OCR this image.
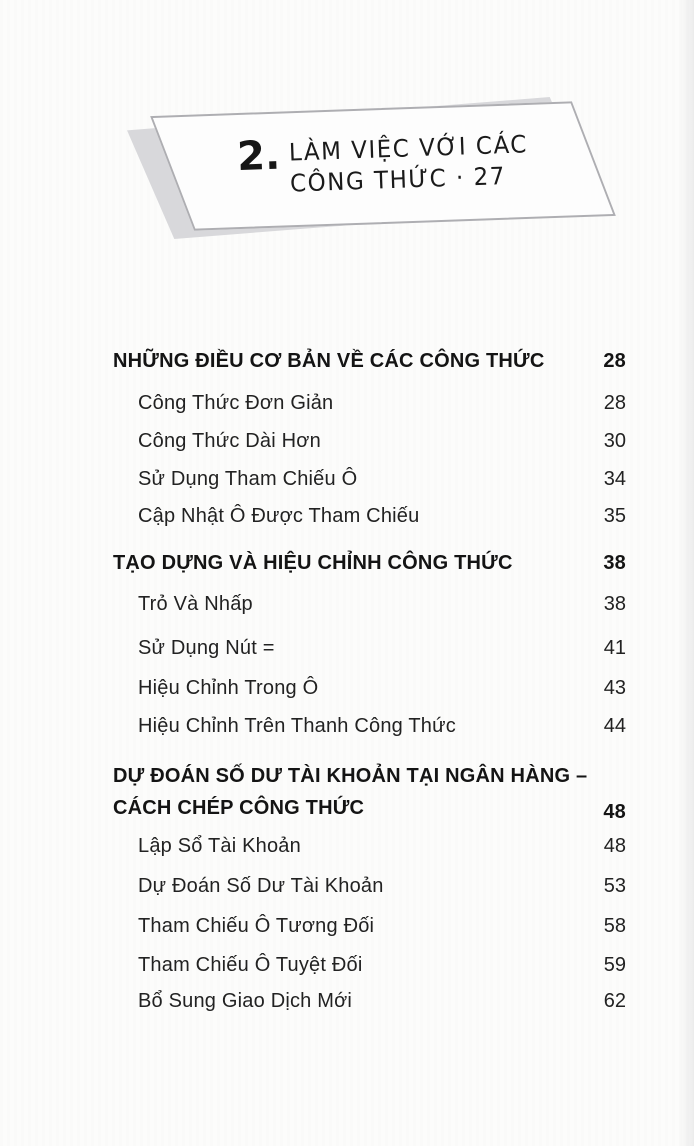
2. LÀM VIỆC VỚI CÁC
CÔNG THỨC · 27
NHỮNG ĐIỀU CƠ BẢN VỀ CÁC CÔNG THỨC	28
Công Thức Đơn Giản	28
Công Thức Dài Hơn	30
Sử Dụng Tham Chiếu Ô	34
Cập Nhật Ô Được Tham Chiếu	35
TẠO DỰNG VÀ HIỆU CHỈNH CÔNG THỨC	38
Trỏ Và Nhấp	38
Sử Dụng Nút =	41
Hiệu Chỉnh Trong Ô	43
Hiệu Chỉnh Trên Thanh Công Thức	44
DỰ ĐOÁN SỐ DƯ TÀI KHOẢN TẠI NGÂN HÀNG –
CÁCH CHÉP CÔNG THỨC	48
Lập Sổ Tài Khoản	48
Dự Đoán Số Dư Tài Khoản	53
Tham Chiếu Ô Tương Đối	58
Tham Chiếu Ô Tuyệt Đối	59
Bổ Sung Giao Dịch Mới	62
